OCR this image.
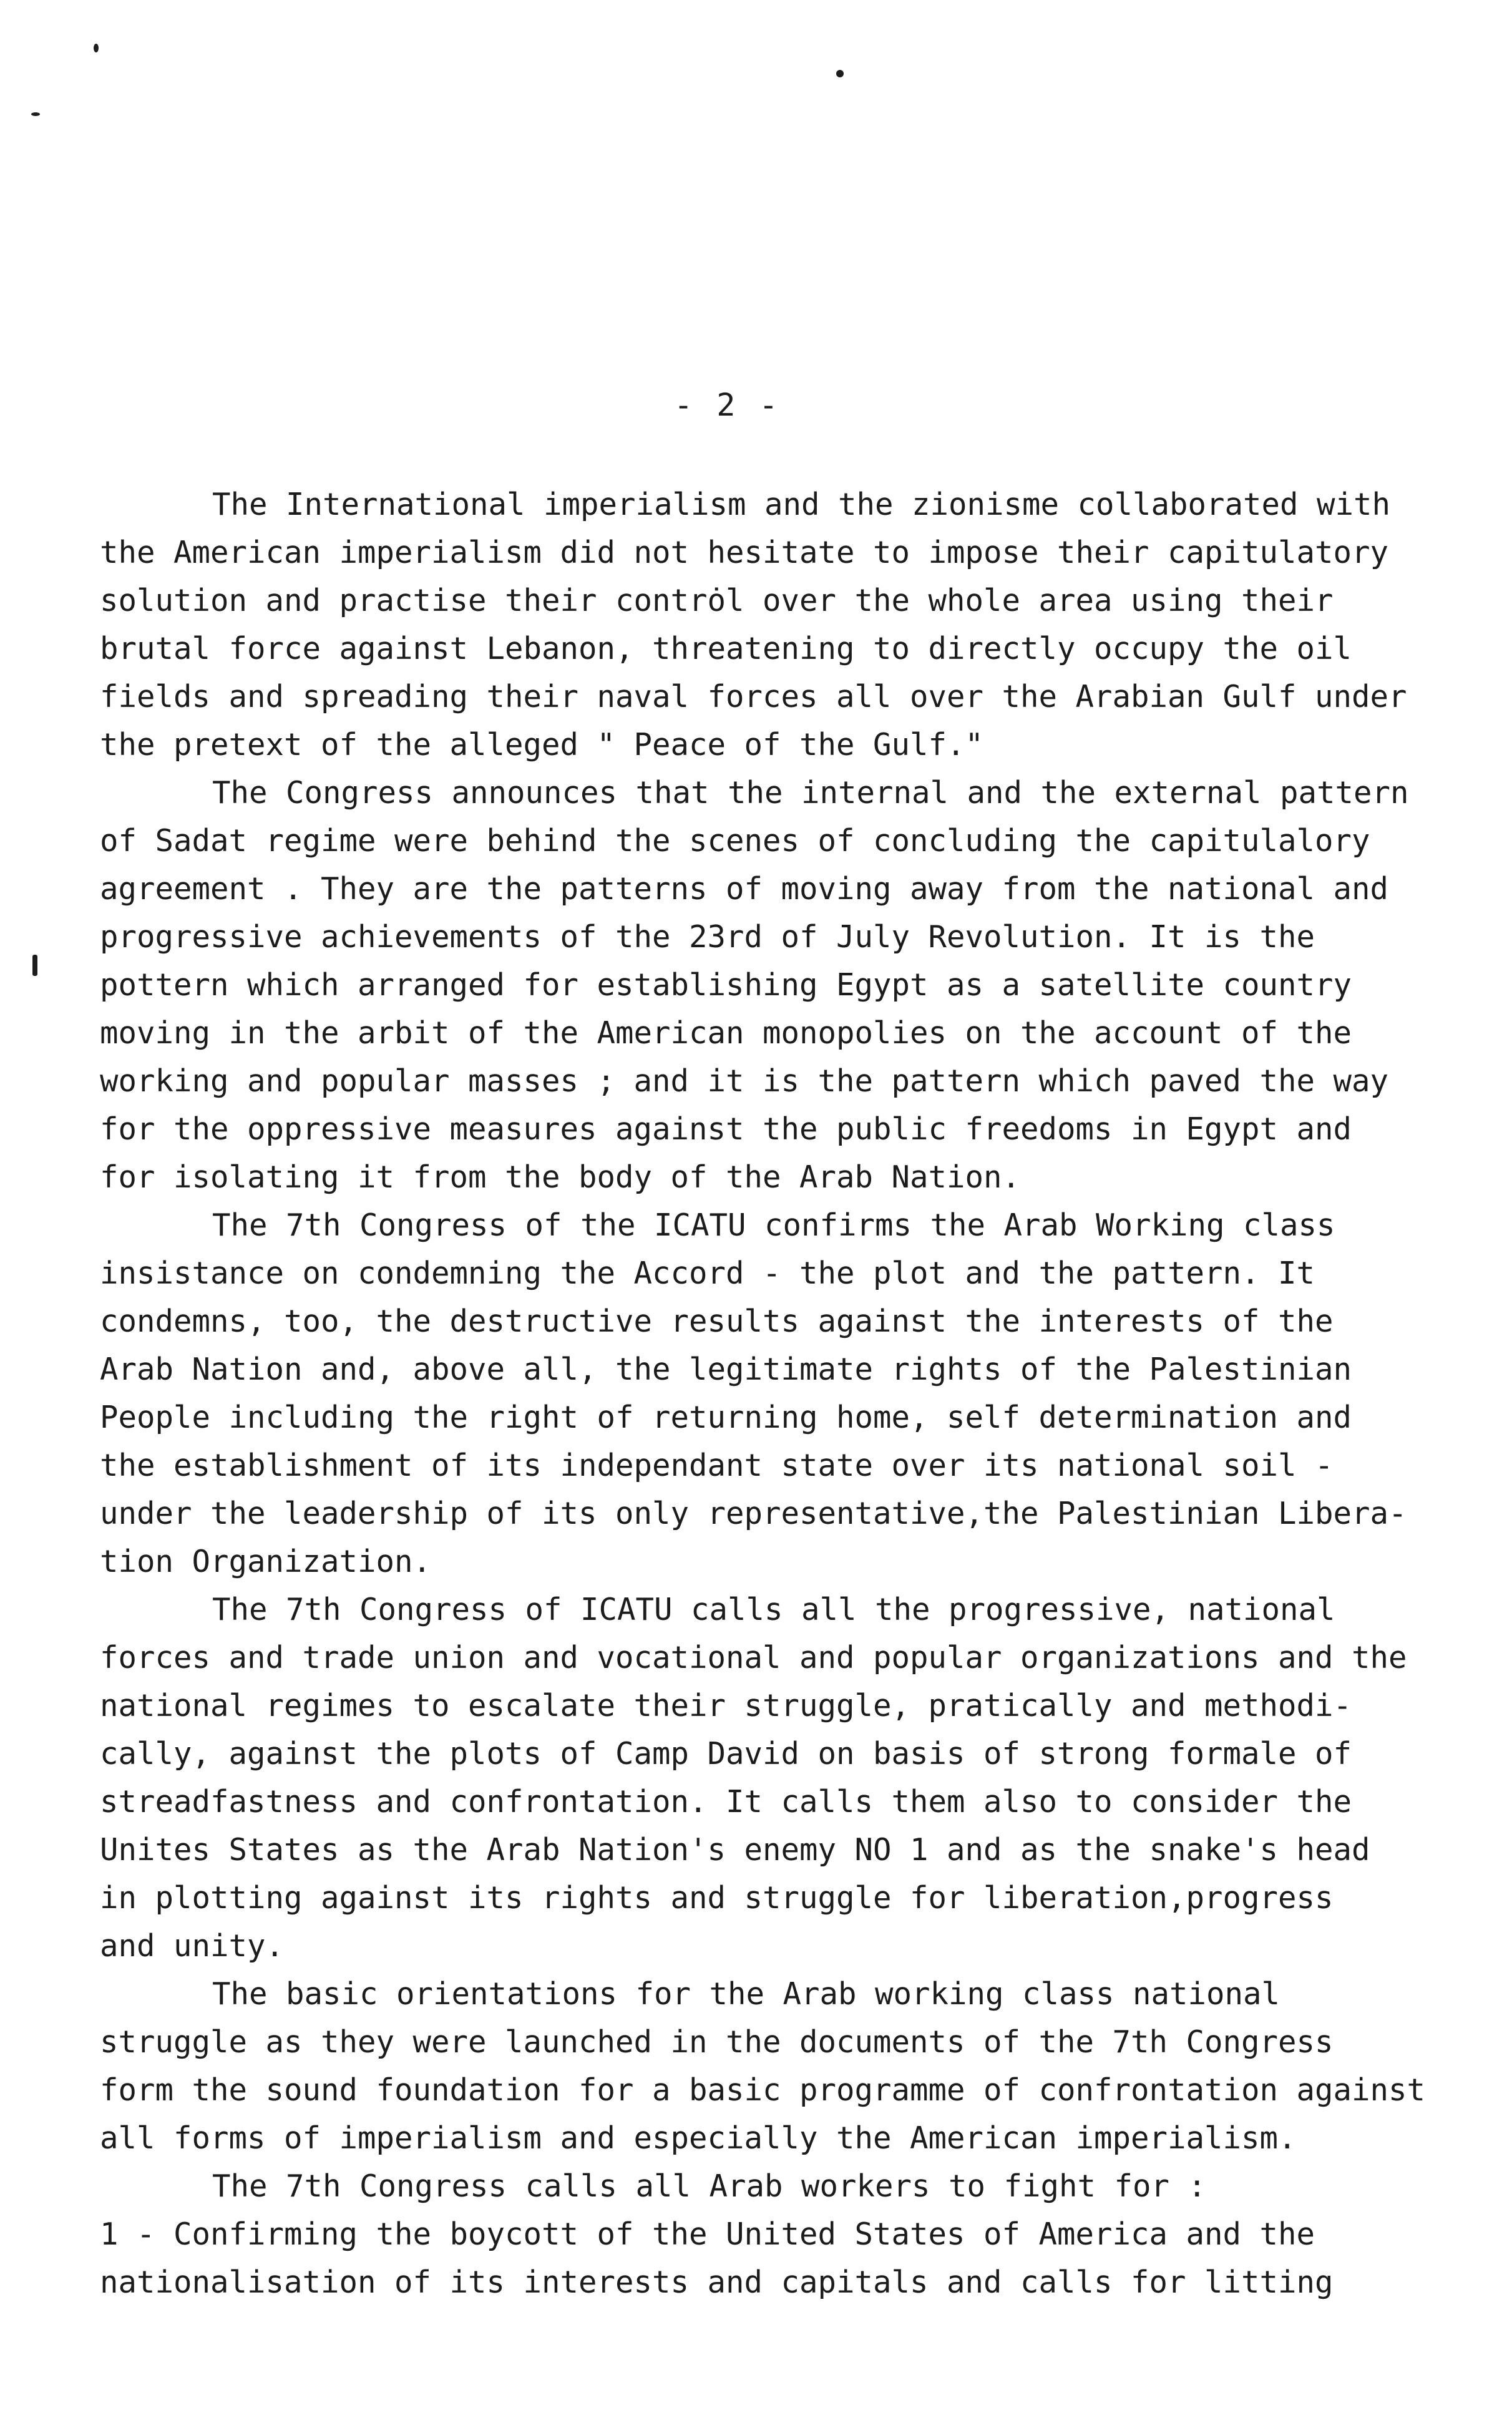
- 2 -
The International imperialism and the zionisme collaborated with
the American imperialism did not hesitate to impose their capitulatory
solution and practise their contrȯl over the whole area using their
brutal force against Lebanon, threatening to directly occupy the oil
fields and spreading their naval forces all over the Arabian Gulf under
the pretext of the alleged " Peace of the Gulf."
The Congress announces that the internal and the external pattern
of Sadat regime were behind the scenes of concluding the capitulalory
agreement . They are the patterns of moving away from the national and
progressive achievements of the 23rd of July Revolution. It is the
pottern which arranged for establishing Egypt as a satellite country
moving in the arbit of the American monopolies on the account of the
working and popular masses ; and it is the pattern which paved the way
for the oppressive measures against the public freedoms in Egypt and
for isolating it from the body of the Arab Nation.
The 7th Congress of the ICATU confirms the Arab Working class
insistance on condemning the Accord - the plot and the pattern. It
condemns, too, the destructive results against the interests of the
Arab Nation and, above all, the legitimate rights of the Palestinian
People including the right of returning home, self determination and
the establishment of its independant state over its national soil -
under the leadership of its only representative,the Palestinian Libera-
tion Organization.
The 7th Congress of ICATU calls all the progressive, national
forces and trade union and vocational and popular organizations and the
national regimes to escalate their struggle, pratically and methodi-
cally, against the plots of Camp David on basis of strong formale of
streadfastness and confrontation. It calls them also to consider the
Unites States as the Arab Nation's enemy NO 1 and as the snake's head
in plotting against its rights and struggle for liberation,progress
and unity.
The basic orientations for the Arab working class national
struggle as they were launched in the documents of the 7th Congress
form the sound foundation for a basic programme of confrontation against
all forms of imperialism and especially the American imperialism.
The 7th Congress calls all Arab workers to fight for :
1 - Confirming the boycott of the United States of America and the
nationalisation of its interests and capitals and calls for litting
